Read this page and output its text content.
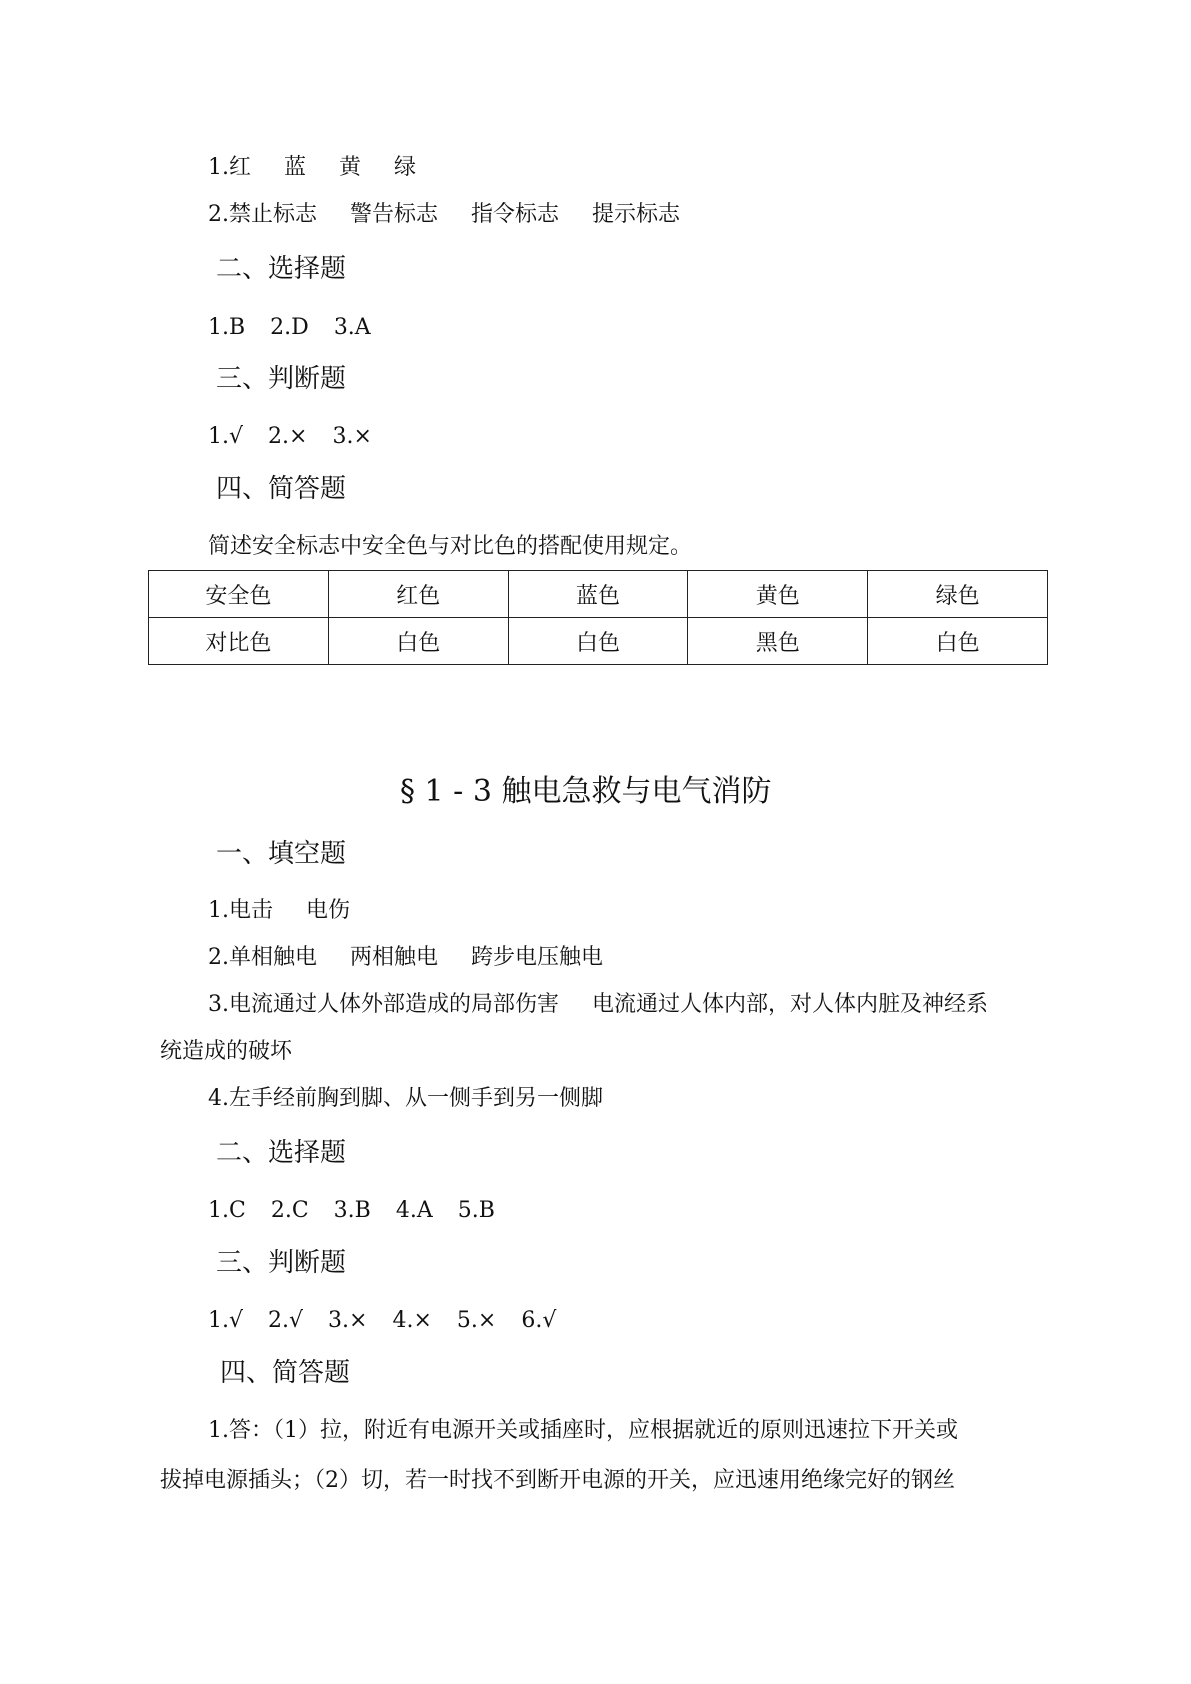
1.红 蓝 黄 绿
2.禁止标志 警告标志 指令标志 提示标志
二、选择题
1.B 2.D 3.A
三、判断题
1.√ 2.× 3.×
四、简答题
简述安全标志中安全色与对比色的搭配使用规定。
安全色	红色	蓝色	黄色	绿色
对比色	白色	白色	黑色	白色
§ 1 - 3 触电急救与电气消防
一、填空题
1.电击 电伤
2.单相触电 两相触电 跨步电压触电
3.电流通过人体外部造成的局部伤害 电流通过人体内部，对人体内脏及神经系
统造成的破坏
4.左手经前胸到脚、从一侧手到另一侧脚
二、选择题
1.C 2.C 3.B 4.A 5.B
三、判断题
1.√ 2.√ 3.× 4.× 5.× 6.√
四、简答题
1.答：（1）拉，附近有电源开关或插座时，应根据就近的原则迅速拉下开关或
拔掉电源插头；（2）切，若一时找不到断开电源的开关，应迅速用绝缘完好的钢丝
